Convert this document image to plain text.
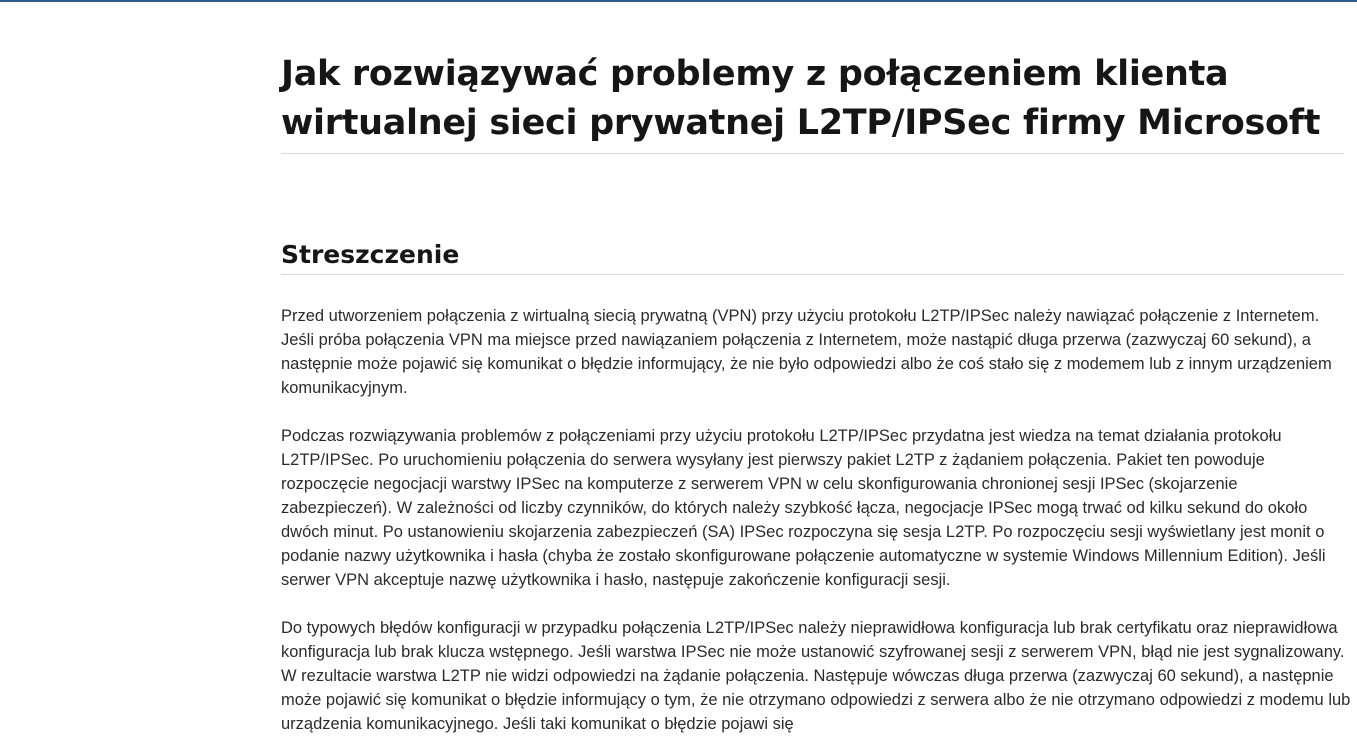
Jak rozwiązywać problemy z połączeniem klienta wirtualnej sieci prywatnej L2TP/IPSec firmy Microsoft
Streszczenie

Przed utworzeniem połączenia z wirtualną siecią prywatną (VPN) przy użyciu protokołu L2TP/IPSec należy nawiązać połączenie z Internetem. Jeśli próba połączenia VPN ma miejsce przed nawiązaniem połączenia z Internetem, może nastąpić długa przerwa (zazwyczaj 60 sekund), a następnie może pojawić się komunikat o błędzie informujący, że nie było odpowiedzi albo że coś stało się z modemem lub z innym urządzeniem komunikacyjnym.

Podczas rozwiązywania problemów z połączeniami przy użyciu protokołu L2TP/IPSec przydatna jest wiedza na temat działania protokołu L2TP/IPSec. Po uruchomieniu połączenia do serwera wysyłany jest pierwszy pakiet L2TP z żądaniem połączenia. Pakiet ten powoduje rozpoczęcie negocjacji warstwy IPSec na komputerze z serwerem VPN w celu skonfigurowania chronionej sesji IPSec (skojarzenie zabezpieczeń). W zależności od liczby czynników, do których należy szybkość łącza, negocjacje IPSec mogą trwać od kilku sekund do około dwóch minut. Po ustanowieniu skojarzenia zabezpieczeń (SA) IPSec rozpoczyna się sesja L2TP. Po rozpoczęciu sesji wyświetlany jest monit o podanie nazwy użytkownika i hasła (chyba że zostało skonfigurowane połączenie automatyczne w systemie Windows Millennium Edition). Jeśli serwer VPN akceptuje nazwę użytkownika i hasło, następuje zakończenie konfiguracji sesji.

Do typowych błędów konfiguracji w przypadku połączenia L2TP/IPSec należy nieprawidłowa konfiguracja lub brak certyfikatu oraz nieprawidłowa konfiguracja lub brak klucza wstępnego. Jeśli warstwa IPSec nie może ustanowić szyfrowanej sesji z serwerem VPN, błąd nie jest sygnalizowany. W rezultacie warstwa L2TP nie widzi odpowiedzi na żądanie połączenia. Następuje wówczas długa przerwa (zazwyczaj 60 sekund), a następnie może pojawić się komunikat o błędzie informujący o tym, że nie otrzymano odpowiedzi z serwera albo że nie otrzymano odpowiedzi z modemu lub urządzenia komunikacyjnego. Jeśli taki komunikat o błędzie pojawi się
